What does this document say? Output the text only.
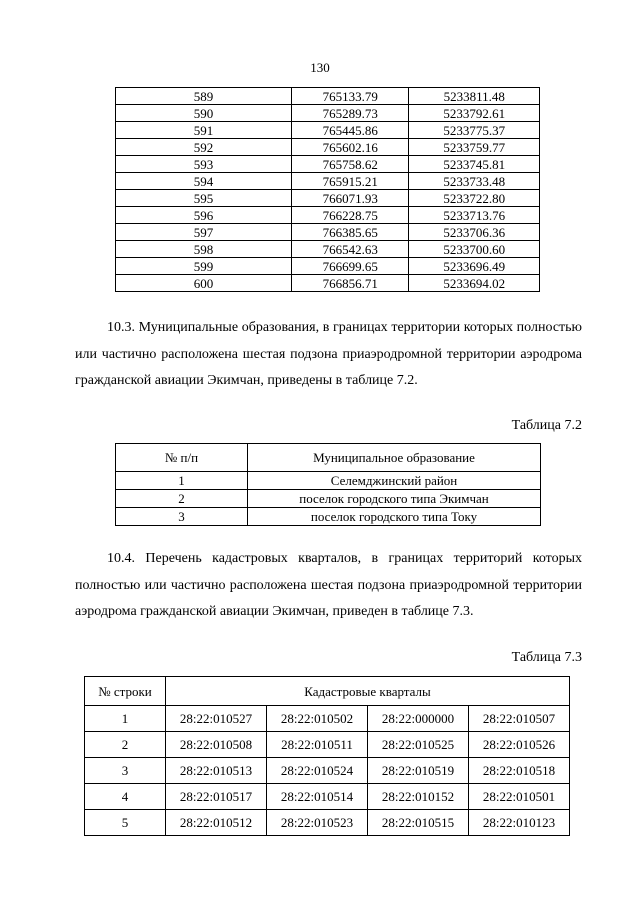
130
589	765133.79	5233811.48
590	765289.73	5233792.61
591	765445.86	5233775.37
592	765602.16	5233759.77
593	765758.62	5233745.81
594	765915.21	5233733.48
595	766071.93	5233722.80
596	766228.75	5233713.76
597	766385.65	5233706.36
598	766542.63	5233700.60
599	766699.65	5233696.49
600	766856.71	5233694.02
10.3. Муниципальные образования, в границах территории которых полностью или частично расположена шестая подзона приаэродромной территории аэродрома гражданской авиации Экимчан, приведены в таблице 7.2.
Таблица 7.2
№ п/п	Муниципальное образование
1	Селемджинский район
2	поселок городского типа Экимчан
3	поселок городского типа Току
10.4. Перечень кадастровых кварталов, в границах территорий которых полностью или частично расположена шестая подзона приаэродромной территории аэродрома гражданской авиации Экимчан, приведен в таблице 7.3.
Таблица 7.3
№ строки	Кадастровые кварталы			
1	28:22:010527	28:22:010502	28:22:000000	28:22:010507
2	28:22:010508	28:22:010511	28:22:010525	28:22:010526
3	28:22:010513	28:22:010524	28:22:010519	28:22:010518
4	28:22:010517	28:22:010514	28:22:010152	28:22:010501
5	28:22:010512	28:22:010523	28:22:010515	28:22:010123
